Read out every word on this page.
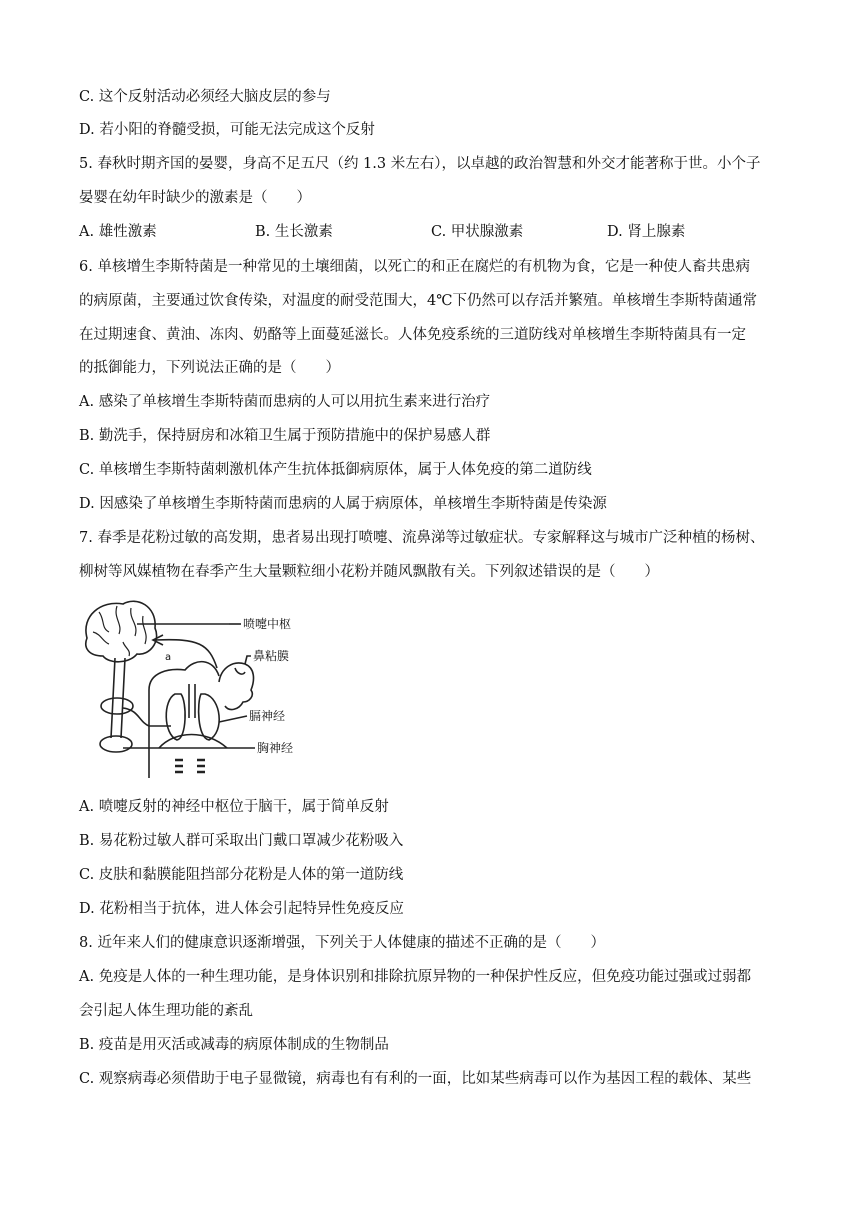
C. 这个反射活动必须经大脑皮层的参与
D. 若小阳的脊髓受损，可能无法完成这个反射
5. 春秋时期齐国的晏婴，身高不足五尺（约 1.3 米左右），以卓越的政治智慧和外交才能著称于世。小个子
晏婴在幼年时缺少的激素是（　　）
A. 雄性激素	B. 生长激素	C. 甲状腺激素	D. 肾上腺素
6. 单核增生李斯特菌是一种常见的土壤细菌，以死亡的和正在腐烂的有机物为食，它是一种使人畜共患病
的病原菌，主要通过饮食传染，对温度的耐受范围大，4℃下仍然可以存活并繁殖。单核增生李斯特菌通常
在过期速食、黄油、冻肉、奶酪等上面蔓延滋长。人体免疫系统的三道防线对单核增生李斯特菌具有一定
的抵御能力，下列说法正确的是（　　）
A. 感染了单核增生李斯特菌而患病的人可以用抗生素来进行治疗
B. 勤洗手，保持厨房和冰箱卫生属于预防措施中的保护易感人群
C. 单核增生李斯特菌刺激机体产生抗体抵御病原体，属于人体免疫的第二道防线
D. 因感染了单核增生李斯特菌而患病的人属于病原体，单核增生李斯特菌是传染源
7. 春季是花粉过敏的高发期，患者易出现打喷嚏、流鼻涕等过敏症状。专家解释这与城市广泛种植的杨树、
柳树等风媒植物在春季产生大量颗粒细小花粉并随风飘散有关。下列叙述错误的是（　　）
喷嚏中枢
鼻粘膜
膈神经
胸神经
a
A. 喷嚏反射的神经中枢位于脑干，属于简单反射
B. 易花粉过敏人群可采取出门戴口罩减少花粉吸入
C. 皮肤和黏膜能阻挡部分花粉是人体的第一道防线
D. 花粉相当于抗体，进人体会引起特异性免疫反应
8. 近年来人们的健康意识逐渐增强，下列关于人体健康的描述不正确的是（　　）
A. 免疫是人体的一种生理功能，是身体识别和排除抗原异物的一种保护性反应，但免疫功能过强或过弱都
会引起人体生理功能的紊乱
B. 疫苗是用灭活或减毒的病原体制成的生物制品
C. 观察病毒必须借助于电子显微镜，病毒也有有利的一面，比如某些病毒可以作为基因工程的载体、某些
